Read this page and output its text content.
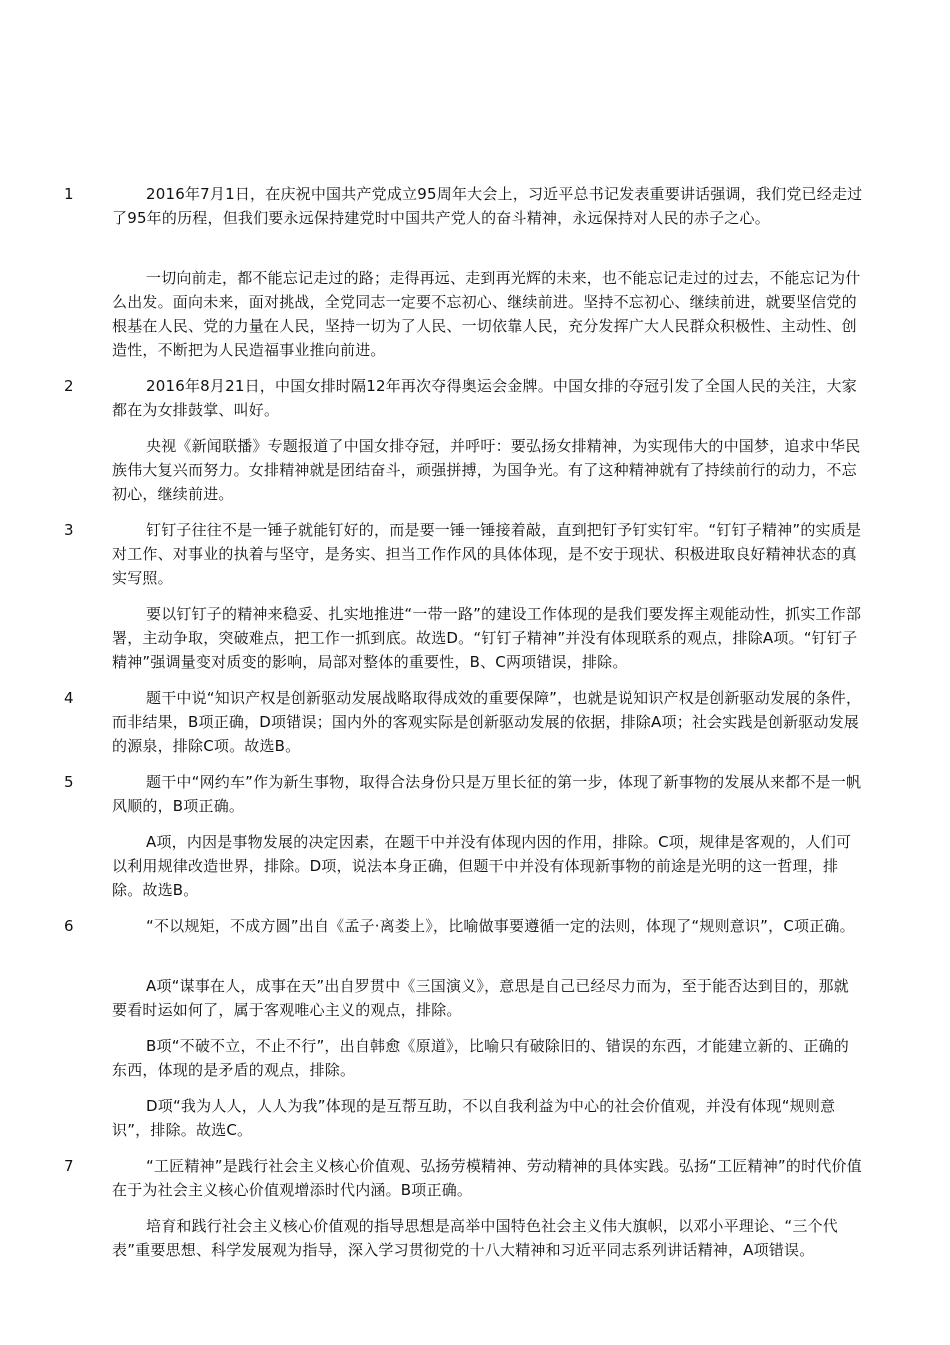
1	2016年7月1日，在庆祝中国共产党成立95周年大会上，习近平总书记发表重要讲话强调，我们党已经走过了95年的历程，但我们要永远保持建党时中国共产党人的奋斗精神，永远保持对人民的赤子之心。

一切向前走，都不能忘记走过的路；走得再远、走到再光辉的未来，也不能忘记走过的过去，不能忘记为什么出发。面向未来，面对挑战，全党同志一定要不忘初心、继续前进。坚持不忘初心、继续前进，就要坚信党的根基在人民、党的力量在人民，坚持一切为了人民、一切依靠人民，充分发挥广大人民群众积极性、主动性、创造性，不断把为人民造福事业推向前进。

2	2016年8月21日，中国女排时隔12年再次夺得奥运会金牌。中国女排的夺冠引发了全国人民的关注，大家都在为女排鼓掌、叫好。

央视《新闻联播》专题报道了中国女排夺冠，并呼吁：要弘扬女排精神，为实现伟大的中国梦，追求中华民族伟大复兴而努力。女排精神就是团结奋斗，顽强拼搏，为国争光。有了这种精神就有了持续前行的动力，不忘初心，继续前进。

3	钉钉子往往不是一锤子就能钉好的，而是要一锤一锤接着敲，直到把钉予钉实钉牢。“钉钉子精神”的实质是对工作、对事业的执着与坚守，是务实、担当工作作风的具体体现，是不安于现状、积极进取良好精神状态的真实写照。

要以钉钉子的精神来稳妥、扎实地推进“一带一路”的建设工作体现的是我们要发挥主观能动性，抓实工作部署，主动争取，突破难点，把工作一抓到底。故选D。“钉钉子精神”并没有体现联系的观点，排除A项。“钉钉子精神”强调量变对质变的影响，局部对整体的重要性，B、C两项错误，排除。

4	题干中说“知识产权是创新驱动发展战略取得成效的重要保障”，也就是说知识产权是创新驱动发展的条件，而非结果，B项正确，D项错误；国内外的客观实际是创新驱动发展的依据，排除A项；社会实践是创新驱动发展的源泉，排除C项。故选B。

5	题干中“网约车”作为新生事物，取得合法身份只是万里长征的第一步，体现了新事物的发展从来都不是一帆风顺的，B项正确。

A项，内因是事物发展的决定因素，在题干中并没有体现内因的作用，排除。C项，规律是客观的，人们可以利用规律改造世界，排除。D项，说法本身正确，但题干中并没有体现新事物的前途是光明的这一哲理，排除。故选B。

6	“不以规矩，不成方圆”出自《孟子·离娄上》，比喻做事要遵循一定的法则，体现了“规则意识”，C项正确。

A项“谋事在人，成事在天”出自罗贯中《三国演义》，意思是自己已经尽力而为，至于能否达到目的，那就要看时运如何了，属于客观唯心主义的观点，排除。

B项“不破不立，不止不行”，出自韩愈《原道》，比喻只有破除旧的、错误的东西，才能建立新的、正确的东西，体现的是矛盾的观点，排除。

D项“我为人人，人人为我”体现的是互帮互助，不以自我利益为中心的社会价值观，并没有体现“规则意识”，排除。故选C。

7	“工匠精神”是践行社会主义核心价值观、弘扬劳模精神、劳动精神的具体实践。弘扬“工匠精神”的时代价值在于为社会主义核心价值观增添时代内涵。B项正确。

培育和践行社会主义核心价值观的指导思想是高举中国特色社会主义伟大旗帜，以邓小平理论、“三个代表”重要思想、科学发展观为指导，深入学习贯彻党的十八大精神和习近平同志系列讲话精神，A项错误。
